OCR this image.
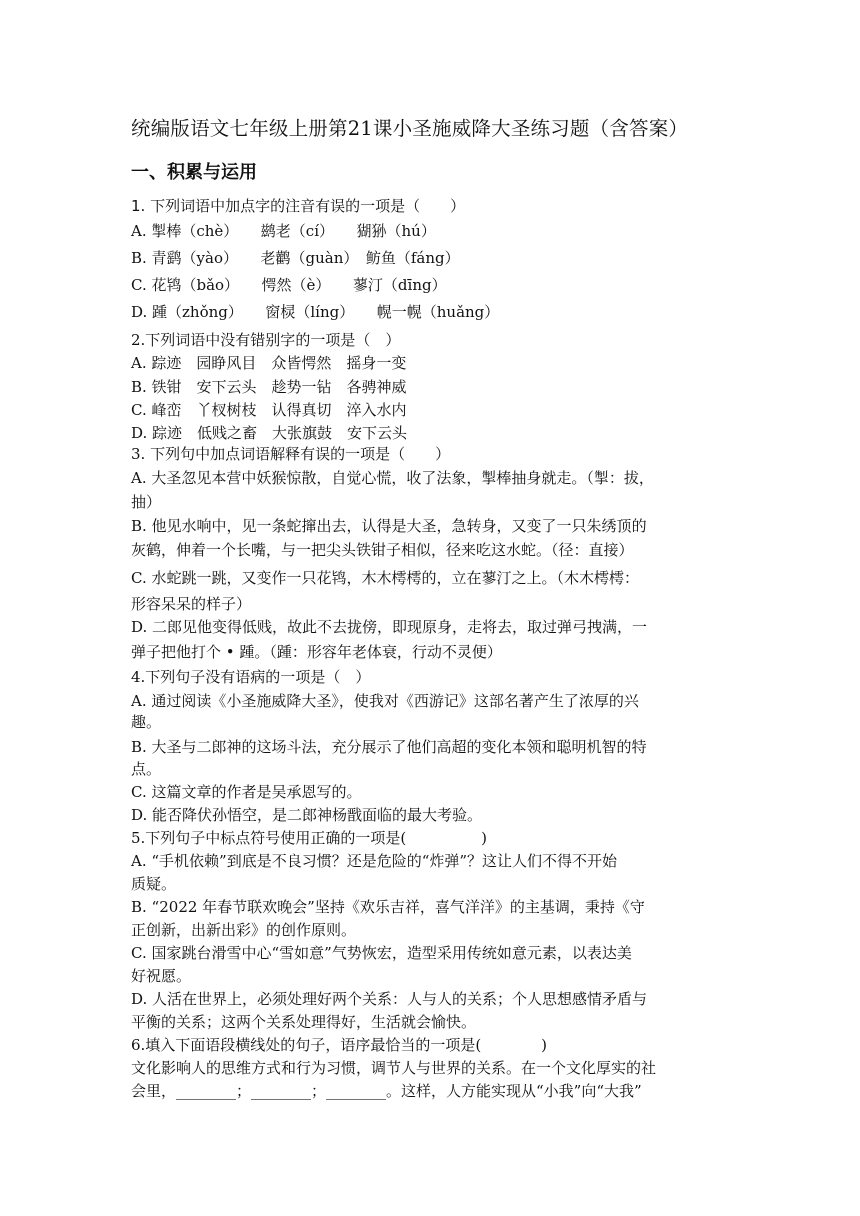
统编版语文七年级上册第21课小圣施威降大圣练习题（含答案）
一、积累与运用
1. 下列词语中加点字的注音有误的一项是（　　）
A. 掣棒（chè）　　鹚老（cí）　　猢狲（hú）
B. 青鹞（yào）　　老鹳（guàn）　鲂鱼（fáng）
C. 花鸨（bǎo）　　愕然（è）　　蓼汀（dīng）
D. 踵（zhǒng）　　窗棂（líng）　　幌一幌（huǎng）
2.下列词语中没有错别字的一项是（　）
A. 踪迹　园睁风目　众皆愕然　摇身一变
B. 铁钳　安下云头　趁势一钻　各骋神威
C. 峰峦　丫杈树枝　认得真切　淬入水内
D. 踪迹　低贱之畜　大张旗鼓　安下云头
3. 下列句中加点词语解释有误的一项是（　　）
A. 大圣忽见本营中妖猴惊散，自觉心慌，收了法象，掣棒抽身就走。（掣：拔，
抽）
B. 他见水响中，见一条蛇撺出去，认得是大圣，急转身，又变了一只朱绣顶的
灰鹤，伸着一个长嘴，与一把尖头铁钳子相似，径来吃这水蛇。（径：直接）
C. 水蛇跳一跳，又变作一只花鸨，木木樗樗的，立在蓼汀之上。（木木樗樗：
形容呆呆的样子）
D. 二郎见他变得低贱，故此不去拢傍，即现原身，走将去，取过弹弓拽满，一
弹子把他打个 • 踵。（踵：形容年老体衰，行动不灵便）
4.下列句子没有语病的一项是（　）
A. 通过阅读《小圣施威降大圣》，使我对《西游记》这部名著产生了浓厚的兴
趣。
B. 大圣与二郎神的这场斗法，充分展示了他们高超的变化本领和聪明机智的特
点。
C. 这篇文章的作者是吴承恩写的。
D. 能否降伏孙悟空，是二郎神杨戬面临的最大考验。
5.下列句子中标点符号使用正确的一项是(　　　　　)
A. “手机依赖”到底是不良习惯？还是危险的“炸弹”？这让人们不得不开始
质疑。
B. “2022 年春节联欢晚会”坚持《欢乐吉祥，喜气洋洋》的主基调，秉持《守
正创新，出新出彩》的创作原则。
C. 国家跳台滑雪中心“雪如意”气势恢宏，造型采用传统如意元素，以表达美
好祝愿。
D. 人活在世界上，必须处理好两个关系：人与人的关系；个人思想感情矛盾与
平衡的关系；这两个关系处理得好，生活就会愉快。
6.填入下面语段横线处的句子，语序最恰当的一项是(　　　　)
文化影响人的思维方式和行为习惯，调节人与世界的关系。在一个文化厚实的社
会里，________；________；________。这样，人方能实现从“小我”向“大我”
